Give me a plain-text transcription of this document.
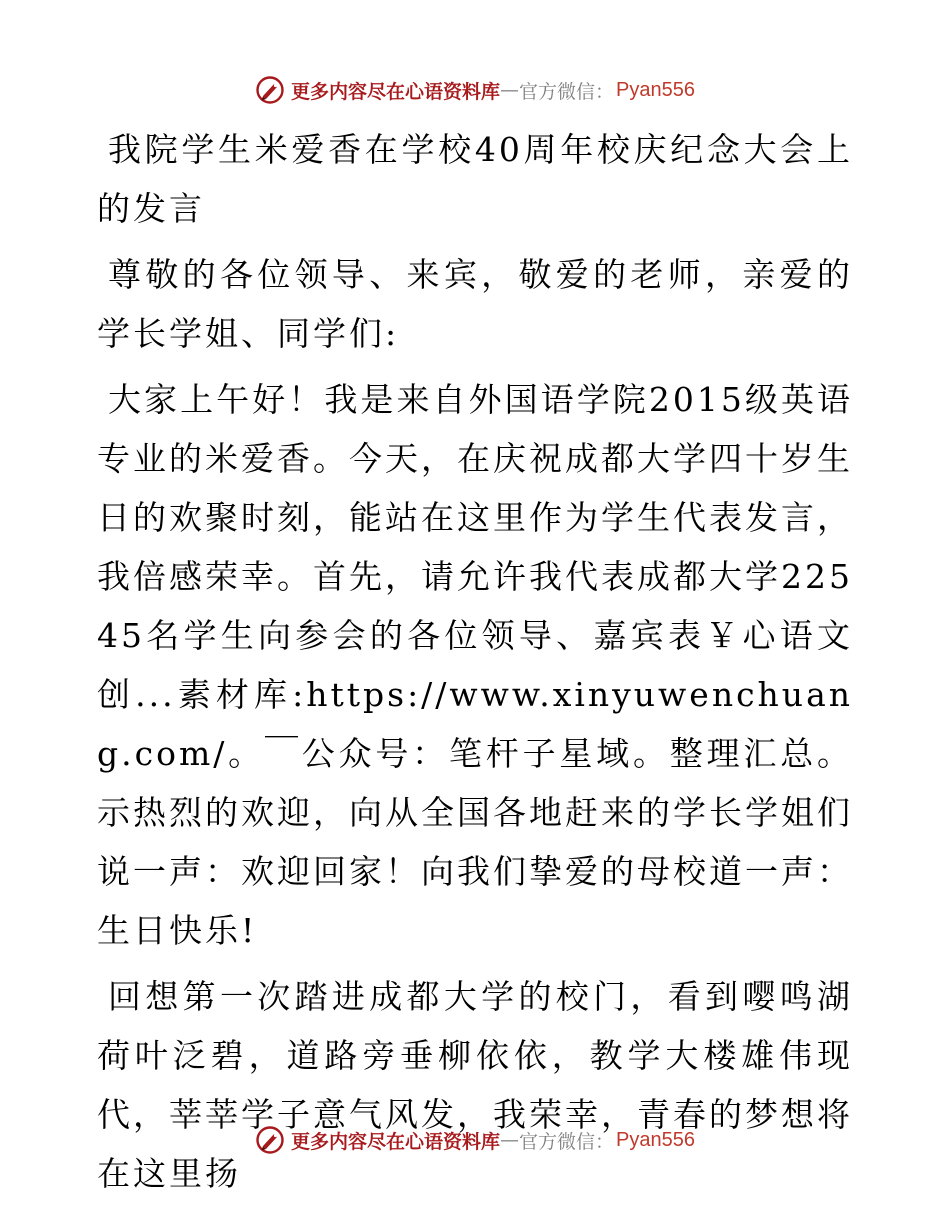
更多内容尽在心语资料库 — 官方微信： Pyan556

我院学生米爱香在学校40周年校庆纪念大会上的发言

尊敬的各位领导、来宾，敬爱的老师，亲爱的学长学姐、同学们:

大家上午好！我是来自外国语学院2015级英语专业的米爱香。今天，在庆祝成都大学四十岁生日的欢聚时刻，能站在这里作为学生代表发言，我倍感荣幸。首先，请允许我代表成都大学22545名学生向参会的各位领导、嘉宾表￥心语文创...素材库:https://www.xinyuwenchuang.com/。￣公众号：笔杆子星域。整理汇总。示热烈的欢迎，向从全国各地赶来的学长学姐们说一声：欢迎回家！向我们挚爱的母校道一声：生日快乐!

回想第一次踏进成都大学的校门，看到嘤鸣湖荷叶泛碧，道路旁垂柳依依，教学大楼雄伟现代，莘莘学子意气风发，我荣幸，青春的梦想将在这里扬

更多内容尽在心语资料库 — 官方微信： Pyan556
